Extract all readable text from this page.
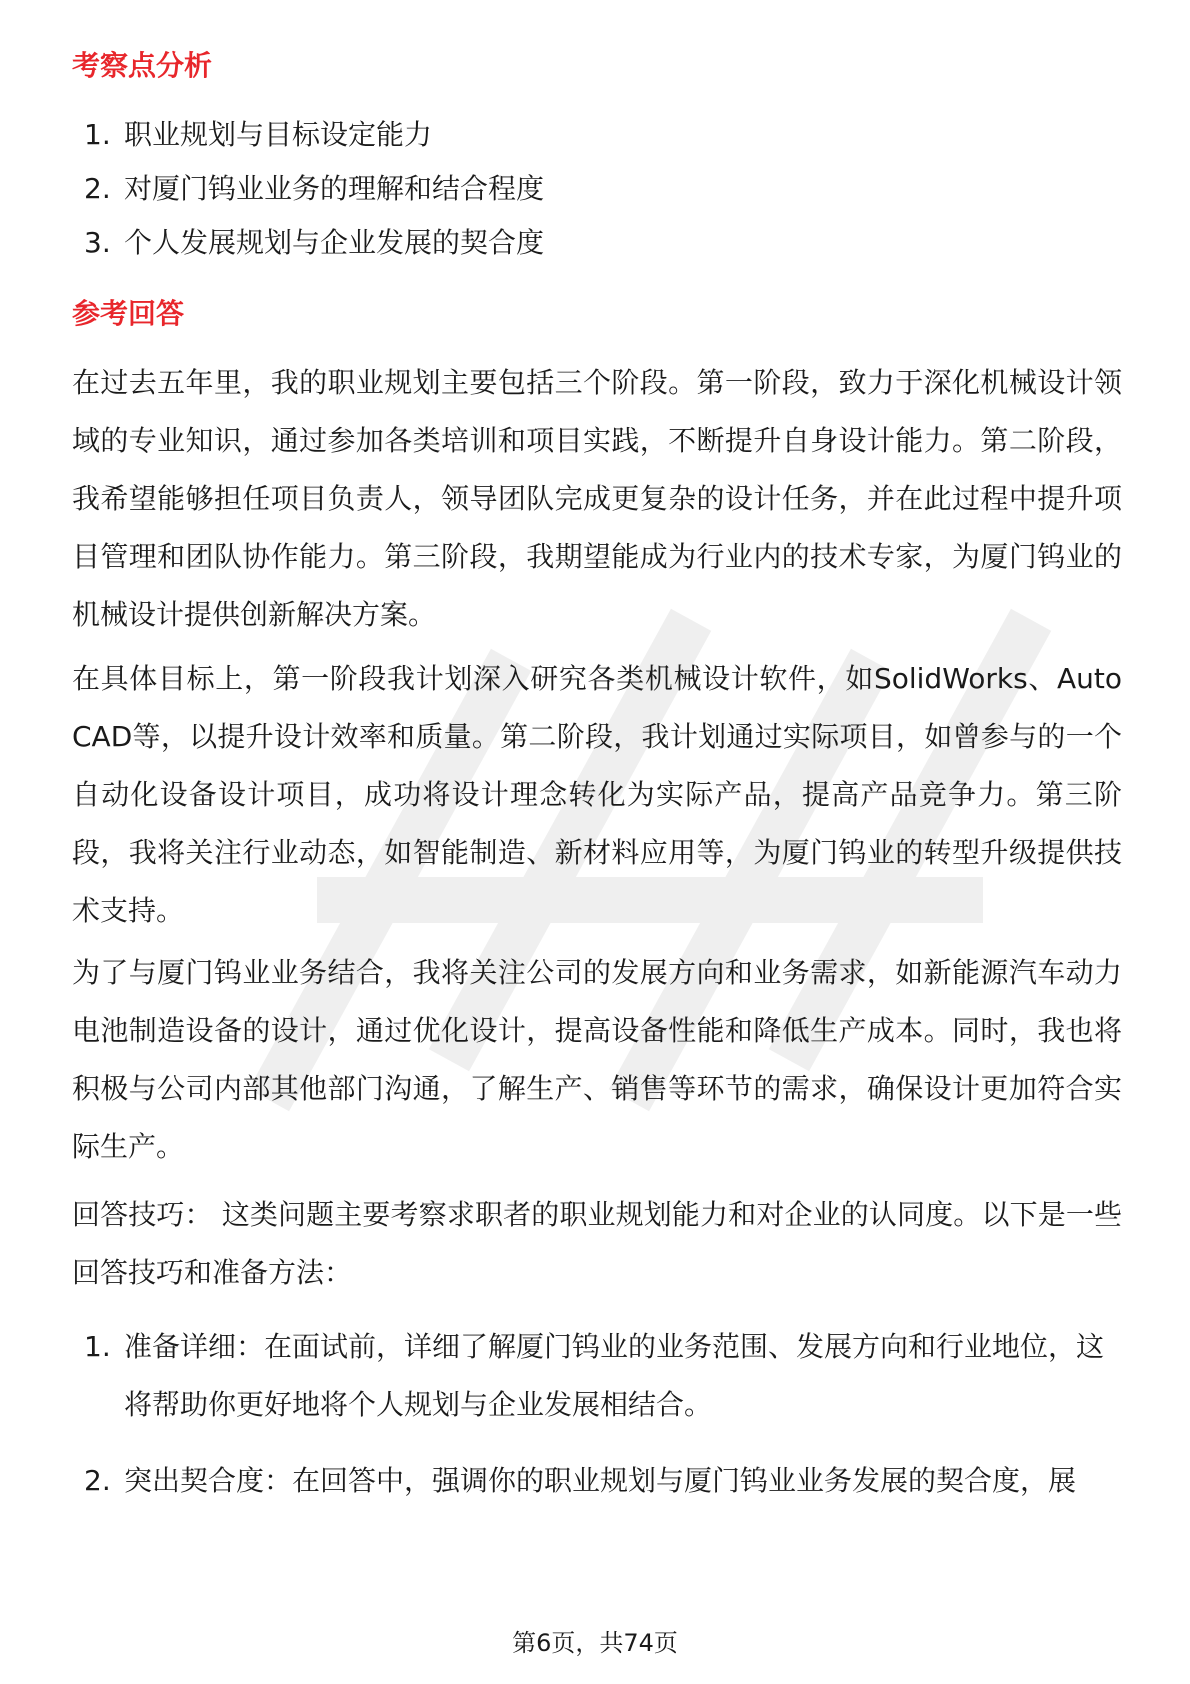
考察点分析
1. 职业规划与目标设定能力
2. 对厦门钨业业务的理解和结合程度
3. 个人发展规划与企业发展的契合度
参考回答

在过去五年里，我的职业规划主要包括三个阶段。第一阶段，致力于深化机械设计领域的专业知识，通过参加各类培训和项目实践，不断提升自身设计能力。第二阶段，我希望能够担任项目负责人，领导团队完成更复杂的设计任务，并在此过程中提升项目管理和团队协作能力。第三阶段，我期望能成为行业内的技术专家，为厦门钨业的机械设计提供创新解决方案。

在具体目标上，第一阶段我计划深入研究各类机械设计软件，如SolidWorks、AutoCAD等，以提升设计效率和质量。第二阶段，我计划通过实际项目，如曾参与的一个自动化设备设计项目，成功将设计理念转化为实际产品，提高产品竞争力。第三阶段，我将关注行业动态，如智能制造、新材料应用等，为厦门钨业的转型升级提供技术支持。

为了与厦门钨业业务结合，我将关注公司的发展方向和业务需求，如新能源汽车动力电池制造设备的设计，通过优化设计，提高设备性能和降低生产成本。同时，我也将积极与公司内部其他部门沟通，了解生产、销售等环节的需求，确保设计更加符合实际生产。

回答技巧： 这类问题主要考察求职者的职业规划能力和对企业的认同度。以下是一些回答技巧和准备方法：

1. 准备详细：在面试前，详细了解厦门钨业的业务范围、发展方向和行业地位，这将帮助你更好地将个人规划与企业发展相结合。
2. 突出契合度：在回答中，强调你的职业规划与厦门钨业业务发展的契合度，展
第6页，共74页
